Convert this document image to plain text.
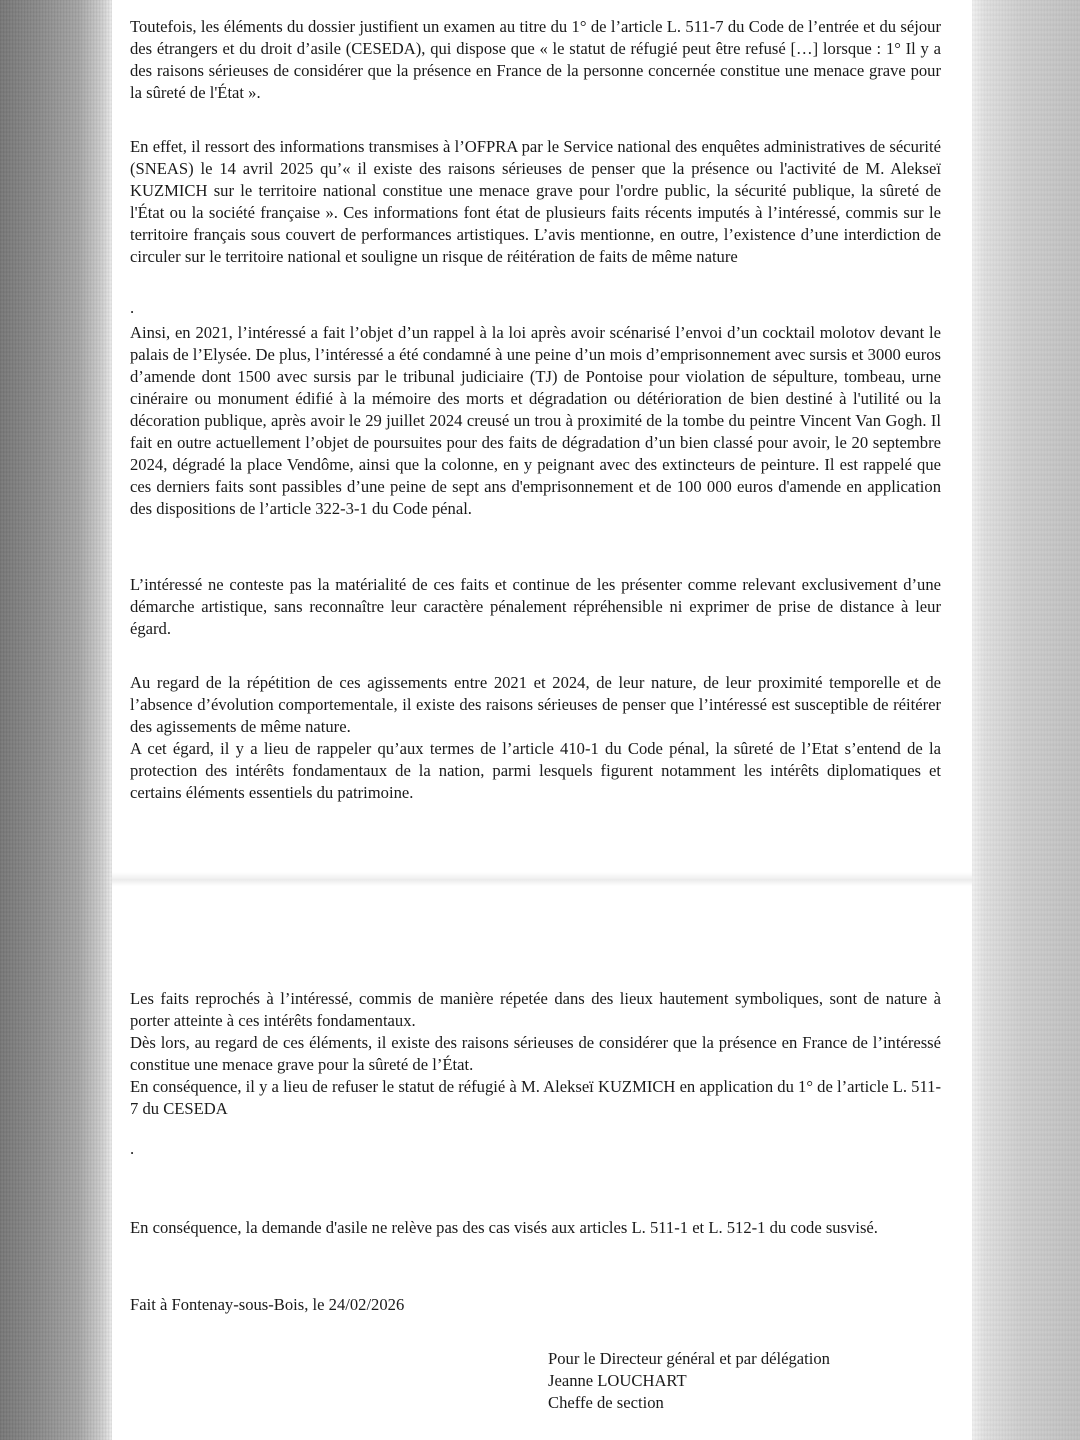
Toutefois, les éléments du dossier justifient un examen au titre du 1° de l’article L. 511-7 du Code de l’entrée et du séjour des étrangers et du droit d’asile (CESEDA), qui dispose que « le statut de réfugié peut être refusé […] lorsque : 1° Il y a des raisons sérieuses de considérer que la présence en France de la personne concernée constitue une menace grave pour la sûreté de l'État ».

En effet, il ressort des informations transmises à l’OFPRA par le Service national des enquêtes administratives de sécurité (SNEAS) le 14 avril 2025 qu’« il existe des raisons sérieuses de penser que la présence ou l'activité de M. Alekseï KUZMICH sur le territoire national constitue une menace grave pour l'ordre public, la sécurité publique, la sûreté de l'État ou la société française ». Ces informations font état de plusieurs faits récents imputés à l’intéressé, commis sur le territoire français sous couvert de performances artistiques. L’avis mentionne, en outre, l’existence d’une interdiction de circuler sur le territoire national et souligne un risque de réitération de faits de même nature

.

Ainsi, en 2021, l’intéressé a fait l’objet d’un rappel à la loi après avoir scénarisé l’envoi d’un cocktail molotov devant le palais de l’Elysée. De plus, l’intéressé a été condamné à une peine d’un mois d’emprisonnement avec sursis et 3000 euros d’amende dont 1500 avec sursis par le tribunal judiciaire (TJ) de Pontoise pour violation de sépulture, tombeau, urne cinéraire ou monument édifié à la mémoire des morts et dégradation ou détérioration de bien destiné à l'utilité ou la décoration publique, après avoir le 29 juillet 2024 creusé un trou à proximité de la tombe du peintre Vincent Van Gogh. Il fait en outre actuellement l’objet de poursuites pour des faits de dégradation d’un bien classé pour avoir, le 20 septembre 2024, dégradé la place Vendôme, ainsi que la colonne, en y peignant avec des extincteurs de peinture. Il est rappelé que ces derniers faits sont passibles d’une peine de sept ans d'emprisonnement et de 100 000 euros d'amende en application des dispositions de l’article 322-3-1 du Code pénal.

L’intéressé ne conteste pas la matérialité de ces faits et continue de les présenter comme relevant exclusivement d’une démarche artistique, sans reconnaître leur caractère pénalement répréhensible ni exprimer de prise de distance à leur égard.

Au regard de la répétition de ces agissements entre 2021 et 2024, de leur nature, de leur proximité temporelle et de l’absence d’évolution comportementale, il existe des raisons sérieuses de penser que l’intéressé est susceptible de réitérer des agissements de même nature.

A cet égard, il y a lieu de rappeler qu’aux termes de l’article 410-1 du Code pénal, la sûreté de l’Etat s’entend de la protection des intérêts fondamentaux de la nation, parmi lesquels figurent notamment les intérêts diplomatiques et certains éléments essentiels du patrimoine.

Les faits reprochés à l’intéressé, commis de manière répetée dans des lieux hautement symboliques, sont de nature à porter atteinte à ces intérêts fondamentaux.

Dès lors, au regard de ces éléments, il existe des raisons sérieuses de considérer que la présence en France de l’intéressé constitue une menace grave pour la sûreté de l’État.

En conséquence, il y a lieu de refuser le statut de réfugié à M. Alekseï KUZMICH en application du 1° de l’article L. 511-7 du CESEDA

.

En conséquence, la demande d'asile ne relève pas des cas visés aux articles L. 511-1 et L. 512-1 du code susvisé.

Fait à Fontenay-sous-Bois, le 24/02/2026

Pour le Directeur général et par délégation
Jeanne LOUCHART
Cheffe de section
